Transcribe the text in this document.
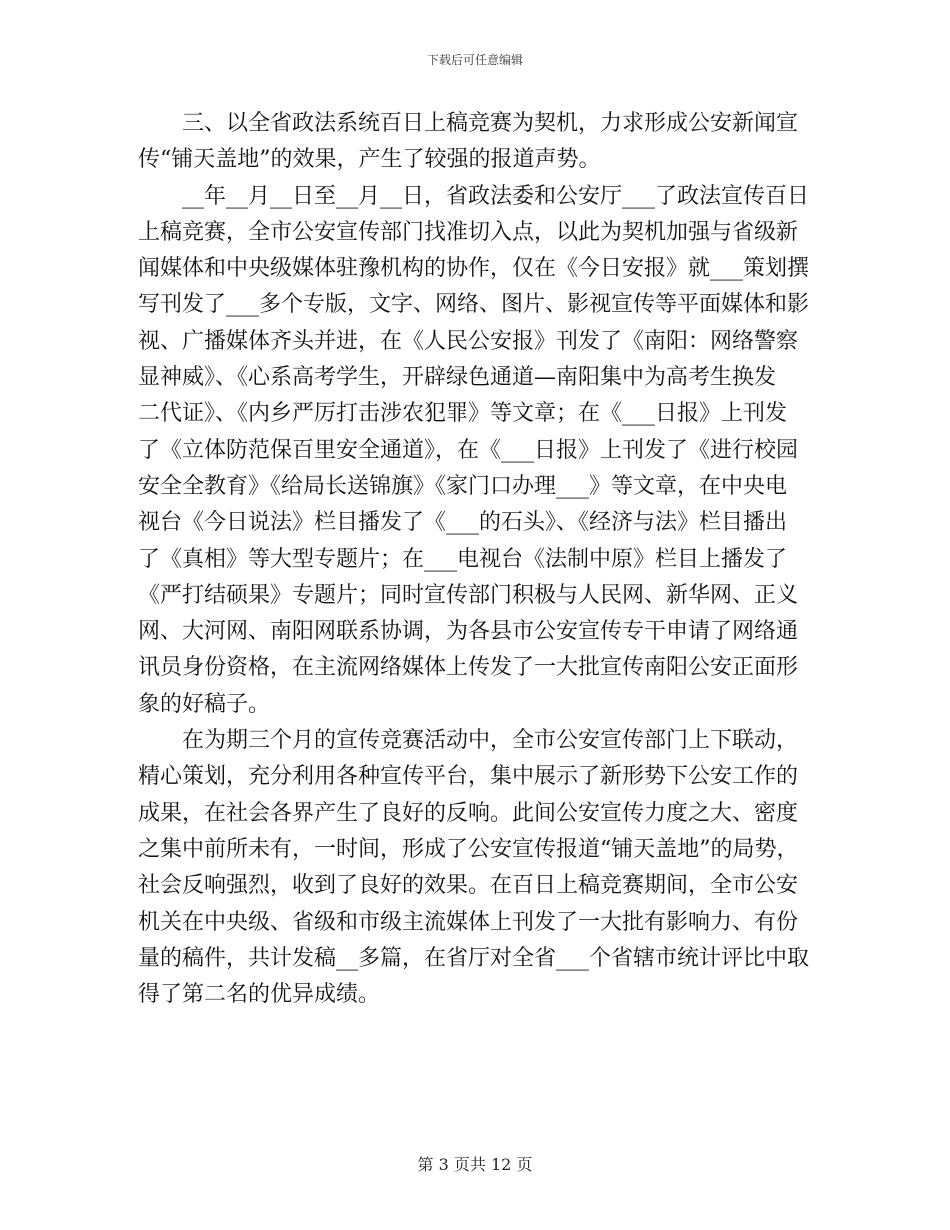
下载后可任意编辑

三、以全省政法系统百日上稿竞赛为契机，力求形成公安新闻宣
传“铺天盖地”的效果，产生了较强的报道声势。

__年__月__日至__月__日，省政法委和公安厅___了政法宣传百日
上稿竞赛，全市公安宣传部门找准切入点，以此为契机加强与省级新
闻媒体和中央级媒体驻豫机构的协作，仅在《今日安报》就___策划撰
写刊发了___多个专版，文字、网络、图片、影视宣传等平面媒体和影
视、广播媒体齐头并进，在《人民公安报》刊发了《南阳：网络警察
显神威》、《心系高考学生，开辟绿色通道—南阳集中为高考生换发
二代证》、《内乡严厉打击涉农犯罪》等文章；在《___日报》上刊发
了《立体防范保百里安全通道》，在《___日报》上刊发了《进行校园
安全全教育》《给局长送锦旗》《家门口办理___》等文章，在中央电
视台《今日说法》栏目播发了《___的石头》、《经济与法》栏目播出
了《真相》等大型专题片；在___电视台《法制中原》栏目上播发了
《严打结硕果》专题片；同时宣传部门积极与人民网、新华网、正义
网、大河网、南阳网联系协调，为各县市公安宣传专干申请了网络通
讯员身份资格，在主流网络媒体上传发了一大批宣传南阳公安正面形
象的好稿子。

在为期三个月的宣传竞赛活动中，全市公安宣传部门上下联动，
精心策划，充分利用各种宣传平台，集中展示了新形势下公安工作的
成果，在社会各界产生了良好的反响。此间公安宣传力度之大、密度
之集中前所未有，一时间，形成了公安宣传报道“铺天盖地”的局势，
社会反响强烈，收到了良好的效果。在百日上稿竞赛期间，全市公安
机关在中央级、省级和市级主流媒体上刊发了一大批有影响力、有份
量的稿件，共计发稿__多篇，在省厅对全省___个省辖市统计评比中取
得了第二名的优异成绩。

第 3 页共 12 页
